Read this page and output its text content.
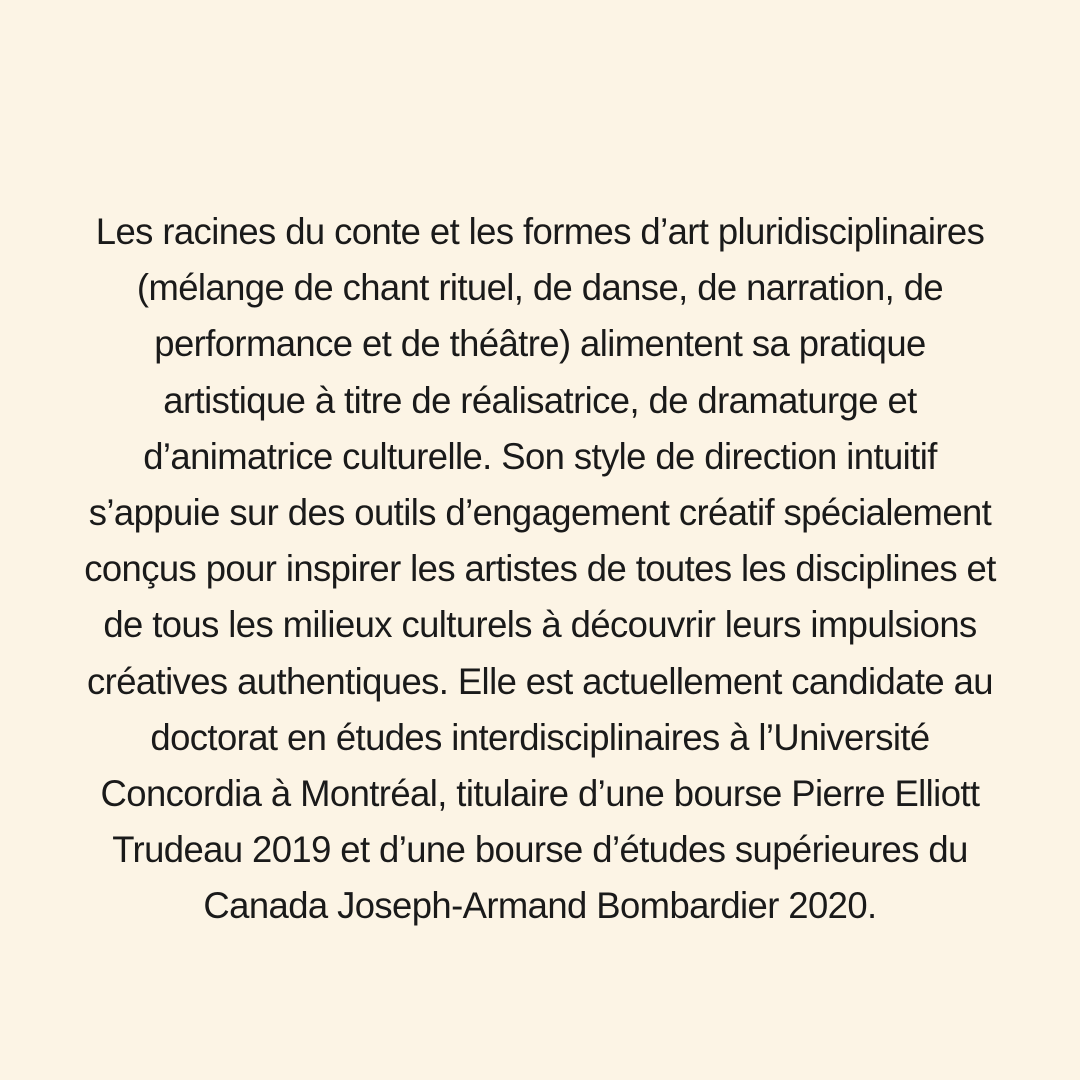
Les racines du conte et les formes d’art pluridisciplinaires
(mélange de chant rituel, de danse, de narration, de
performance et de théâtre) alimentent sa pratique
artistique à titre de réalisatrice, de dramaturge et
d’animatrice culturelle. Son style de direction intuitif
s’appuie sur des outils d’engagement créatif spécialement
conçus pour inspirer les artistes de toutes les disciplines et
de tous les milieux culturels à découvrir leurs impulsions
créatives authentiques. Elle est actuellement candidate au
doctorat en études interdisciplinaires à l’Université
Concordia à Montréal, titulaire d’une bourse Pierre Elliott
Trudeau 2019 et d’une bourse d’études supérieures du
Canada Joseph-Armand Bombardier 2020.
